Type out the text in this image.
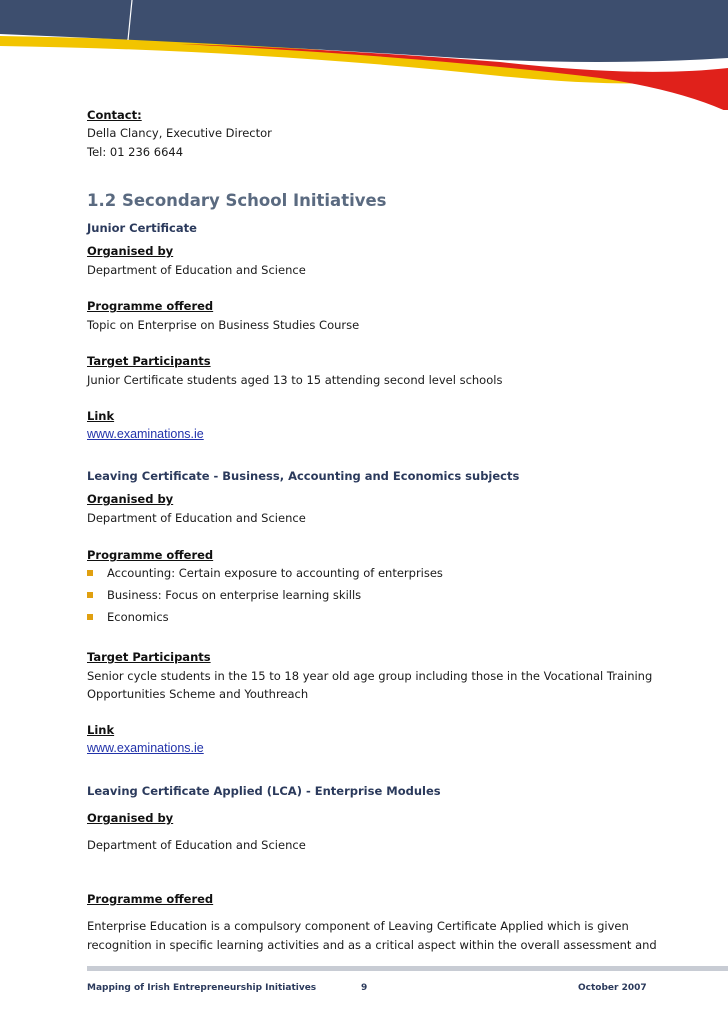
Contact:
Della Clancy, Executive Director
Tel: 01 236 6644
1.2 Secondary School Initiatives
Junior Certificate
Organised by
Department of Education and Science
Programme offered
Topic on Enterprise on Business Studies Course
Target Participants
Junior Certificate students aged 13 to 15 attending second level schools
Link
www.examinations.ie
Leaving Certificate - Business, Accounting and Economics subjects
Organised by
Department of Education and Science
Programme offered
Accounting: Certain exposure to accounting of enterprises
Business: Focus on enterprise learning skills
Economics
Target Participants
Senior cycle students in the 15 to 18 year old age group including those in the Vocational Training
Opportunities Scheme and Youthreach
Link
www.examinations.ie
Leaving Certificate Applied (LCA) - Enterprise Modules
Organised by
Department of Education and Science
Programme offered
Enterprise Education is a compulsory component of Leaving Certificate Applied which is given
recognition in specific learning activities and as a critical aspect within the overall assessment and
Mapping of Irish Entrepreneurship Initiatives	9	October 2007
